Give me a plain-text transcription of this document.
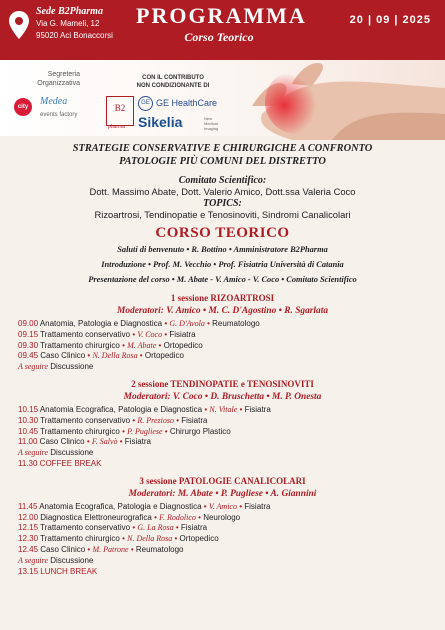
Sede B2Pharma
Via G. Mameli, 12
95020 Aci Bonaccorsi
PROGRAMMA
Corso Teorico
20 | 09 | 2025
Segreteria
Organizzativa
city	Medea
events factory
CON IL CONTRIBUTO
NON CONDIZIONANTE DI
B2
pharma
GE GE HealthCare
Sikelia	New Medical Imaging
STRATEGIE CONSERVATIVE E CHIRURGICHE A CONFRONTO
PATOLOGIE PIÙ COMUNI DEL DISTRETTO
Comitato Scientifico:
Dott. Massimo Abate, Dott. Valerio Amico, Dott.ssa Valeria Coco
TOPICS:
Rizoartrosi, Tendinopatie e Tenosinoviti, Sindromi Canalicolari
CORSO TEORICO
Saluti di benvenuto • R. Bottino • Amministratore B2Pharma
Introduzione • Prof. M. Vecchio • Prof. Fisiatria Università di Catania
Presentazione del corso • M. Abate - V. Amico - V. Coco • Comitato Scientifico
1 sessione RIZOARTROSI
Moderatori: V. Amico • M. C. D'Agostino • R. Sgarlata
09.00 Anatomia, Patologia e Diagnostica • G. D'Avola • Reumatologo
09.15 Trattamento conservativo • V. Coco • Fisiatra
09.30 Trattamento chirurgico • M. Abate • Ortopedico
09.45 Caso Clinico • N. Della Rosa • Ortopedico
A seguire Discussione
2 sessione TENDINOPATIE e TENOSINOVITI
Moderatori: V. Coco • D. Bruschetta • M. P. Onesta
10.15 Anatomia Ecografica, Patologia e Diagnostica • N. Vitale • Fisiatra
10.30 Trattamento conservativo • R. Prezioso • Fisiatra
10.45 Trattamento chirurgico • P. Pugliese • Chirurgo Plastico
11.00 Caso Clinico • F. Salvò • Fisiatra
A seguire Discussione
11.30 COFFEE BREAK
3 sessione PATOLOGIE CANALICOLARI
Moderatori: M. Abate • P. Pugliese • A. Giannini
11.45 Anatomia Ecografica, Patologia e Diagnostica • V. Amico • Fisiatra
12.00 Diagnostica Elettroneurografica • F. Rodolico • Neurologo
12.15 Trattamento conservativo • G. La Rosa • Fisiatra
12.30 Trattamento chirurgico • N. Della Rosa • Ortopedico
12.45 Caso Clinico • M. Patrone • Reumatologo
A seguire Discussione
13.15 LUNCH BREAK
